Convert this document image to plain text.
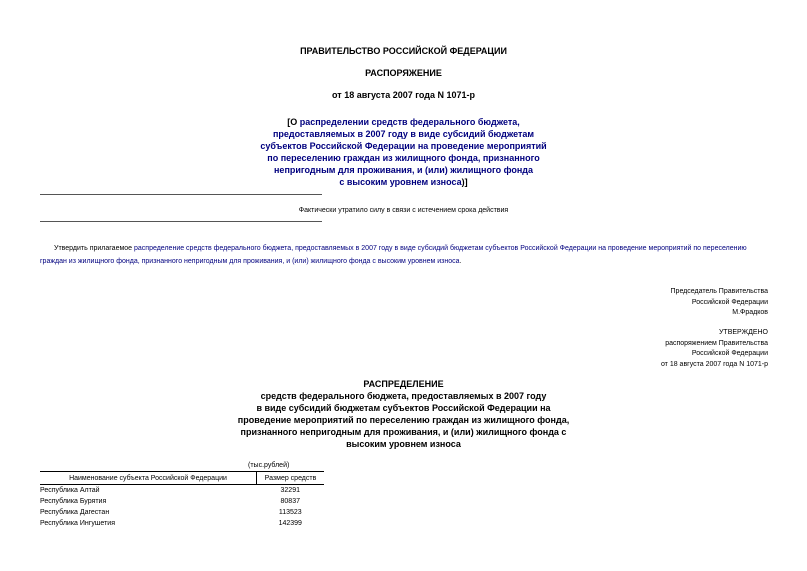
ПРАВИТЕЛЬСТВО РОССИЙСКОЙ ФЕДЕРАЦИИ
РАСПОРЯЖЕНИЕ
от 18 августа 2007 года N 1071-р
[О распределении средств федерального бюджета,
предоставляемых в 2007 году в виде субсидий бюджетам
субъектов Российской Федерации на проведение мероприятий
по переселению граждан из жилищного фонда, признанного
непригодным для проживания, и (или) жилищного фонда
с высоким уровнем износа)]
Фактически утратило силу в связи с истечением срока действия
Утвердить прилагаемое распределение средств федерального бюджета, предоставляемых в 2007 году в виде субсидий бюджетам субъектов Российской Федерации на проведение мероприятий по переселению
граждан из жилищного фонда, признанного непригодным для проживания, и (или) жилищного фонда с высоким уровнем износа.
Председатель Правительства
Российской Федерации
М.Фрадков
УТВЕРЖДЕНО
распоряжением Правительства
Российской Федерации
от 18 августа 2007 года N 1071-р
РАСПРЕДЕЛЕНИЕ
средств федерального бюджета, предоставляемых в 2007 году
в виде субсидий бюджетам субъектов Российской Федерации на
проведение мероприятий по переселению граждан из жилищного фонда,
признанного непригодным для проживания, и (или) жилищного фонда с
высоким уровнем износа
(тыс.рублей)
Наименование субъекта Российской Федерации	Размер средств
Республика Алтай	32291
Республика Бурятия	80837
Республика Дагестан	113523
Республика Ингушетия	142399
